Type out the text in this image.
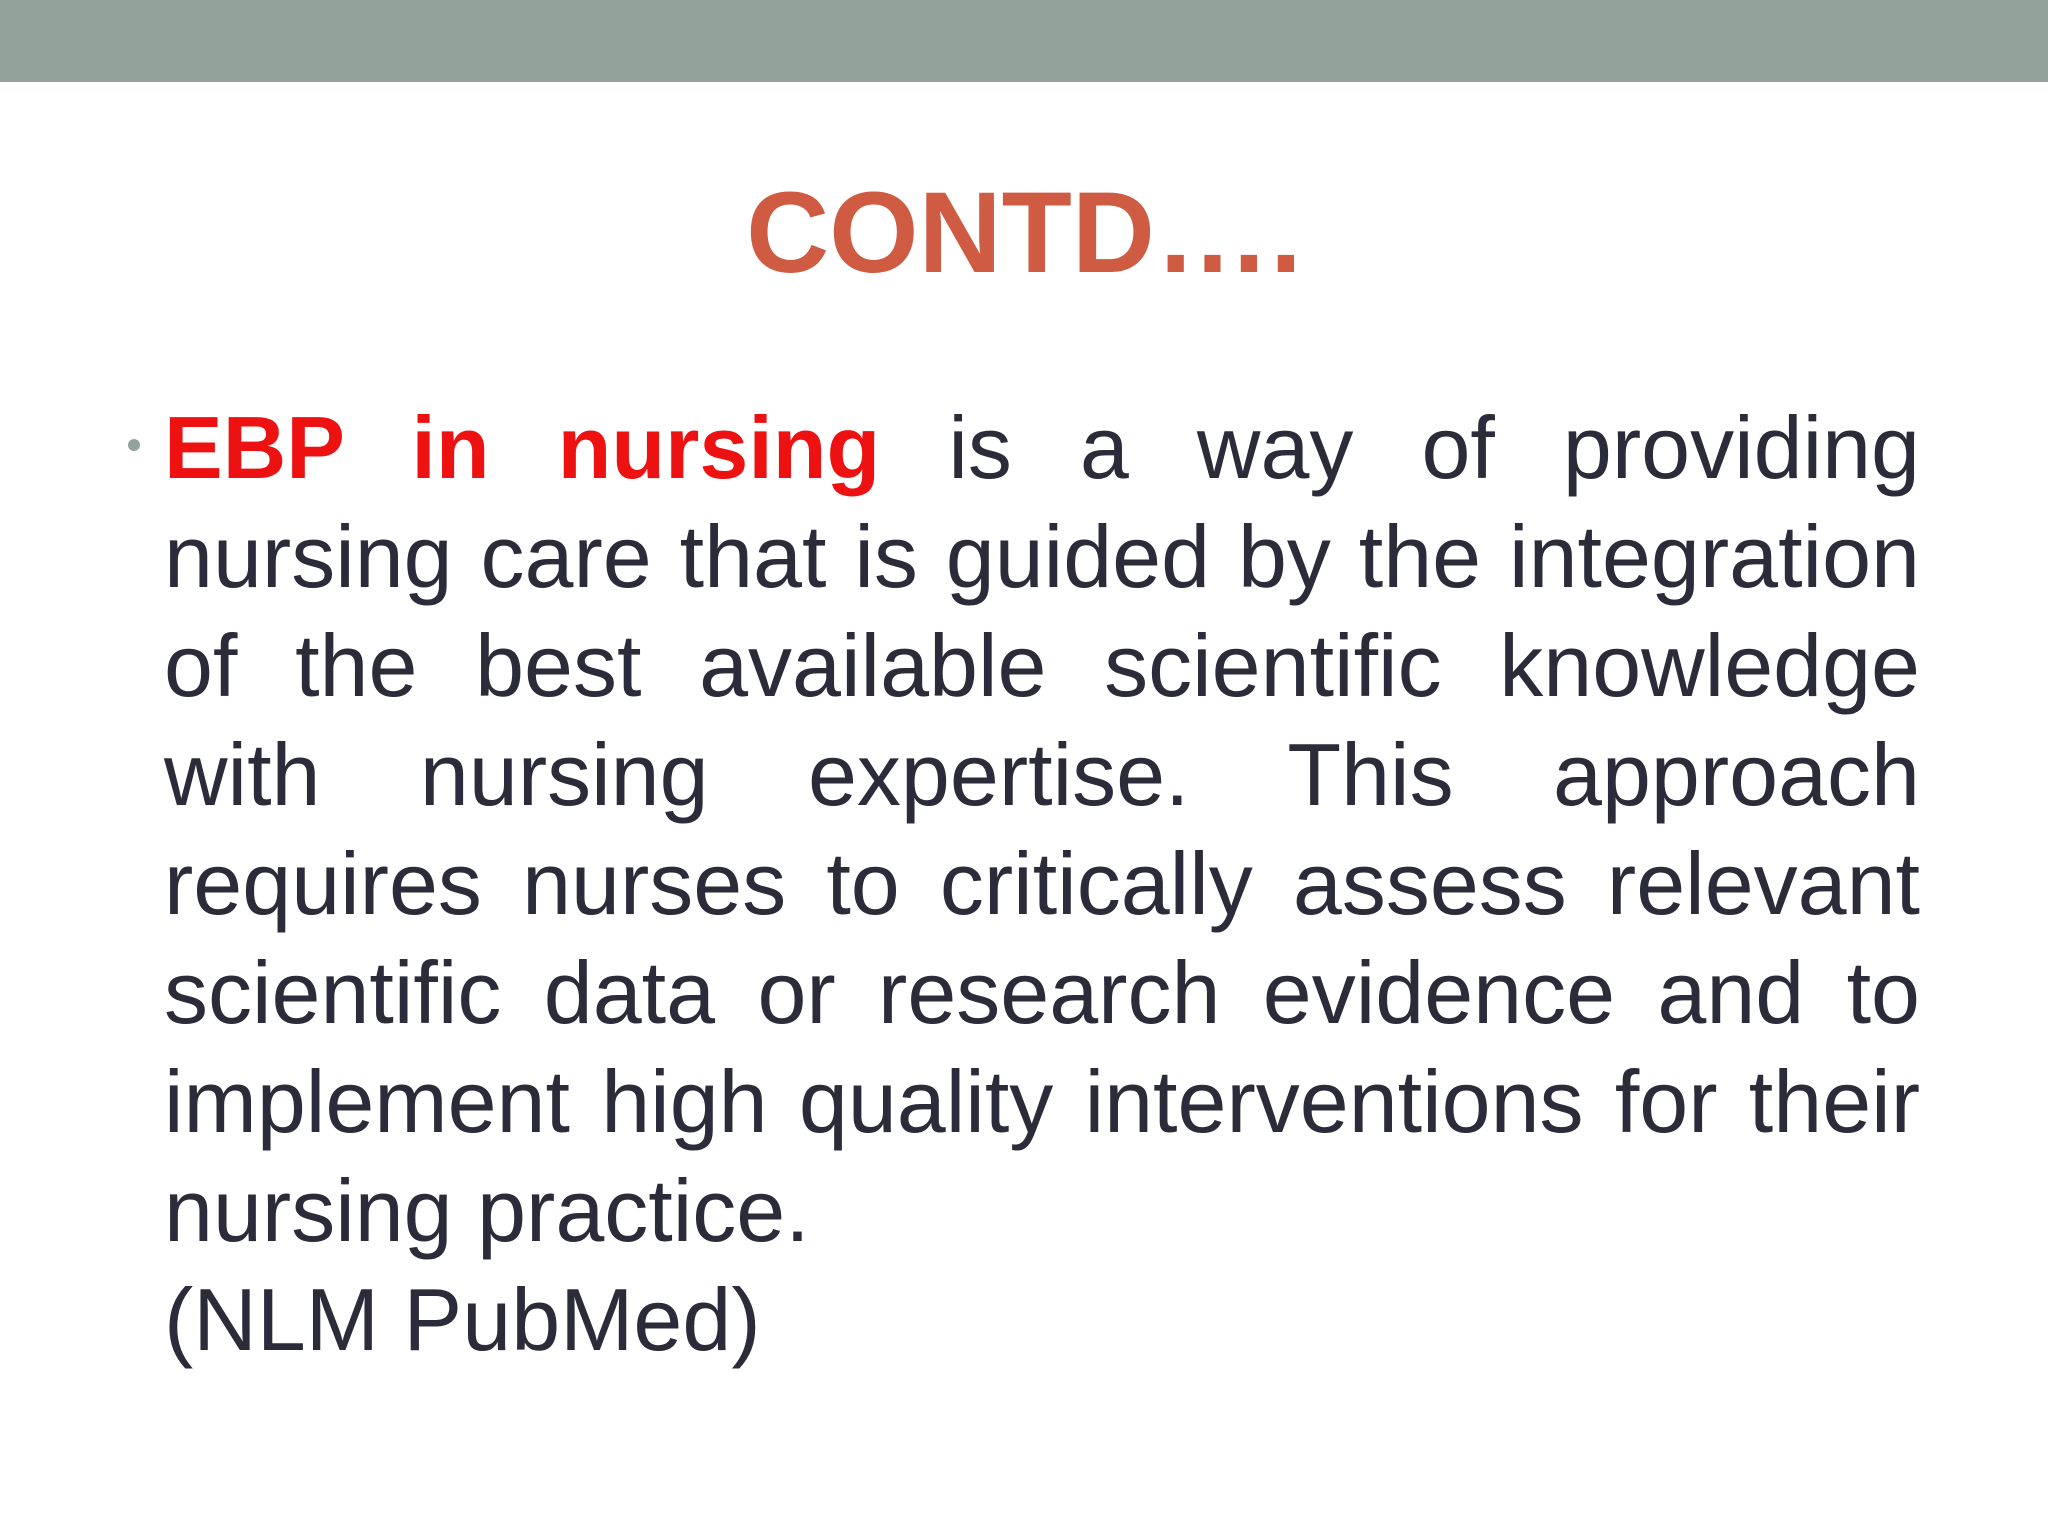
CONTD….

EBP in nursing is a way of providing nursing care that is guided by the integration of the best available scientific knowledge with nursing expertise. This approach requires nurses to critically assess relevant scientific data or research evidence and to implement high quality interventions for their nursing practice.
(NLM PubMed)
